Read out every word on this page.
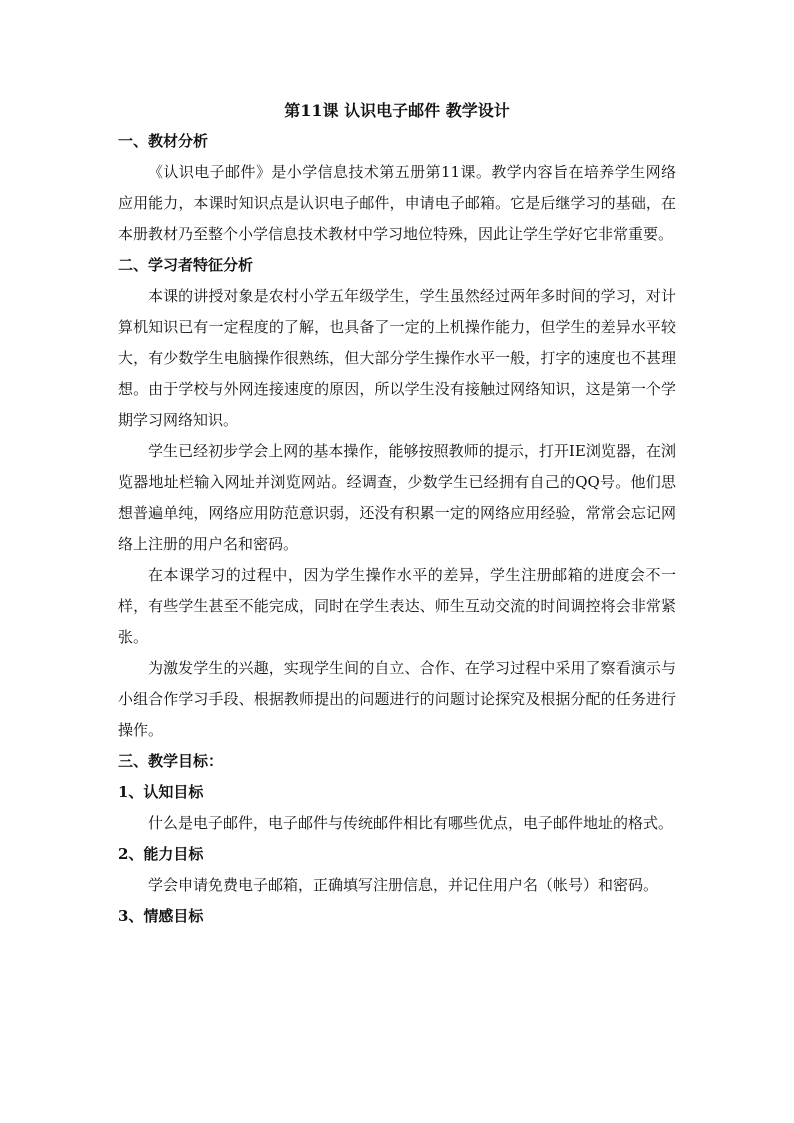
第11课 认识电子邮件 教学设计

一、教材分析

《认识电子邮件》是小学信息技术第五册第11课。教学内容旨在培养学生网络应用能力，本课时知识点是认识电子邮件，申请电子邮箱。它是后继学习的基础，在本册教材乃至整个小学信息技术教材中学习地位特殊，因此让学生学好它非常重要。

二、学习者特征分析

本课的讲授对象是农村小学五年级学生，学生虽然经过两年多时间的学习，对计算机知识已有一定程度的了解，也具备了一定的上机操作能力，但学生的差异水平较大，有少数学生电脑操作很熟练，但大部分学生操作水平一般，打字的速度也不甚理想。由于学校与外网连接速度的原因，所以学生没有接触过网络知识，这是第一个学期学习网络知识。

学生已经初步学会上网的基本操作，能够按照教师的提示，打开IE浏览器，在浏览器地址栏输入网址并浏览网站。经调查，少数学生已经拥有自己的QQ号。他们思想普遍单纯，网络应用防范意识弱，还没有积累一定的网络应用经验，常常会忘记网络上注册的用户名和密码。

在本课学习的过程中，因为学生操作水平的差异，学生注册邮箱的进度会不一样，有些学生甚至不能完成，同时在学生表达、师生互动交流的时间调控将会非常紧张。

为激发学生的兴趣，实现学生间的自立、合作、在学习过程中采用了察看演示与小组合作学习手段、根据教师提出的问题进行的问题讨论探究及根据分配的任务进行操作。

三、教学目标：

1、认知目标

什么是电子邮件，电子邮件与传统邮件相比有哪些优点，电子邮件地址的格式。

2、能力目标

学会申请免费电子邮箱，正确填写注册信息，并记住用户名（帐号）和密码。

3、情感目标
